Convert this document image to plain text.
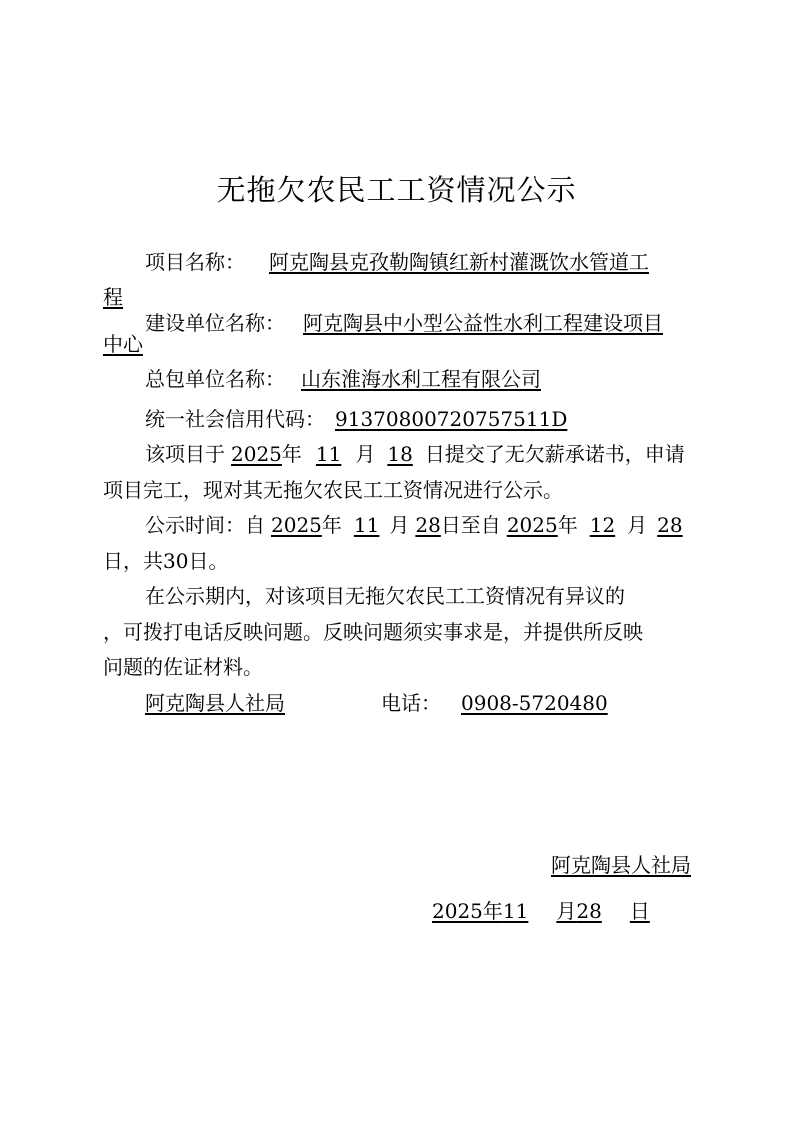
无拖欠农民工工资情况公示
项目名称： 阿克陶县克孜勒陶镇红新村灌溉饮水管道工
程
建设单位名称： 阿克陶县中小型公益性水利工程建设项目
中心
总包单位名称： 山东淮海水利工程有限公司
统一社会信用代码： 91370800720757511D
该项目于 2025年 11 月 18 日提交了无欠薪承诺书，申请
项目完工，现对其无拖欠农民工工资情况进行公示。
公示时间：自 2025年 11 月 28日至自 2025年 12 月 28
日，共30日。
在公示期内，对该项目无拖欠农民工工资情况有异议的
，可拨打电话反映问题。反映问题须实事求是，并提供所反映
问题的佐证材料。
阿克陶县人社局	电话： 0908-5720480
阿克陶县人社局
2025年11 月28 日
